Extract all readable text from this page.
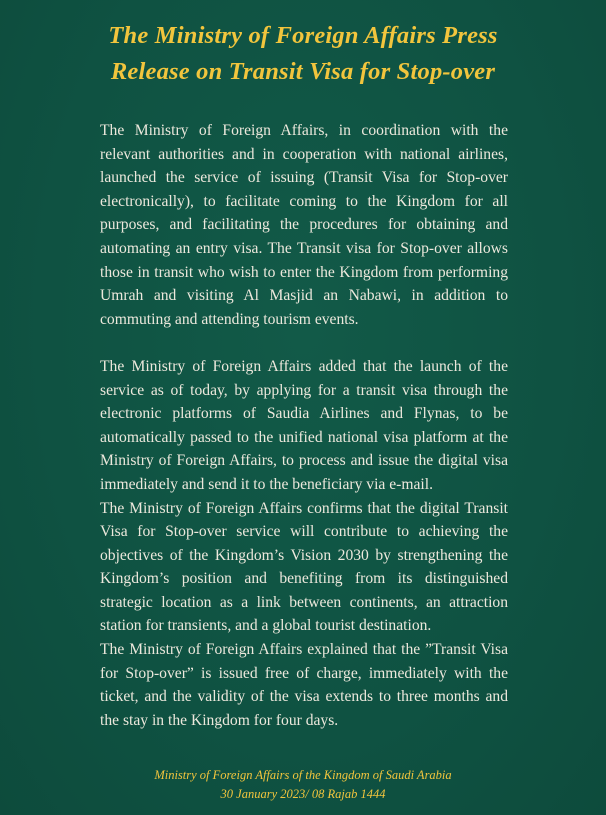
The Ministry of Foreign Affairs Press
Release on Transit Visa for Stop-over

The Ministry of Foreign Affairs, in coordination with the relevant authorities and in cooperation with national airlines, launched the service of issuing (Transit Visa for Stop-over electronically), to facilitate coming to the Kingdom for all purposes, and facilitating the procedures for obtaining and automating an entry visa. The Transit visa for Stop-over allows those in transit who wish to enter the Kingdom from performing Umrah and visiting Al Masjid an Nabawi, in addition to commuting and attending tourism events.

The Ministry of Foreign Affairs added that the launch of the service as of today, by applying for a transit visa through the electronic platforms of Saudia Airlines and Flynas, to be automatically passed to the unified national visa platform at the Ministry of Foreign Affairs, to process and issue the digital visa immediately and send it to the beneficiary via e-mail.

The Ministry of Foreign Affairs confirms that the digital Transit Visa for Stop-over service will contribute to achieving the objectives of the Kingdom’s Vision 2030 by strengthening the Kingdom’s position and benefiting from its distinguished strategic location as a link between continents, an attraction station for transients, and a global tourist destination.

The Ministry of Foreign Affairs explained that the ”Transit Visa for Stop-over” is issued free of charge, immediately with the ticket, and the validity of the visa extends to three months and the stay in the Kingdom for four days.

Ministry of Foreign Affairs of the Kingdom of Saudi Arabia
30 January 2023/ 08 Rajab 1444
